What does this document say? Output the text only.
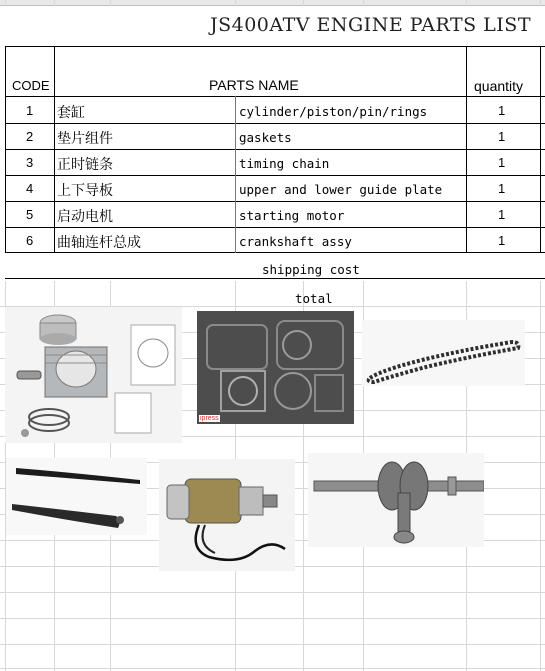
JS400ATV ENGINE PARTS LIST
CODE	PARTS NAME	quantity
1 套缸	cylinder/piston/pin/rings	1
2 垫片组件	gaskets	1
3 正时链条	timing chain	1
4 上下导板	upper and lower guide plate	1
5 启动电机	starting motor	1
6 曲轴连杆总成	crankshaft assy	1
shipping cost
total
ipress
